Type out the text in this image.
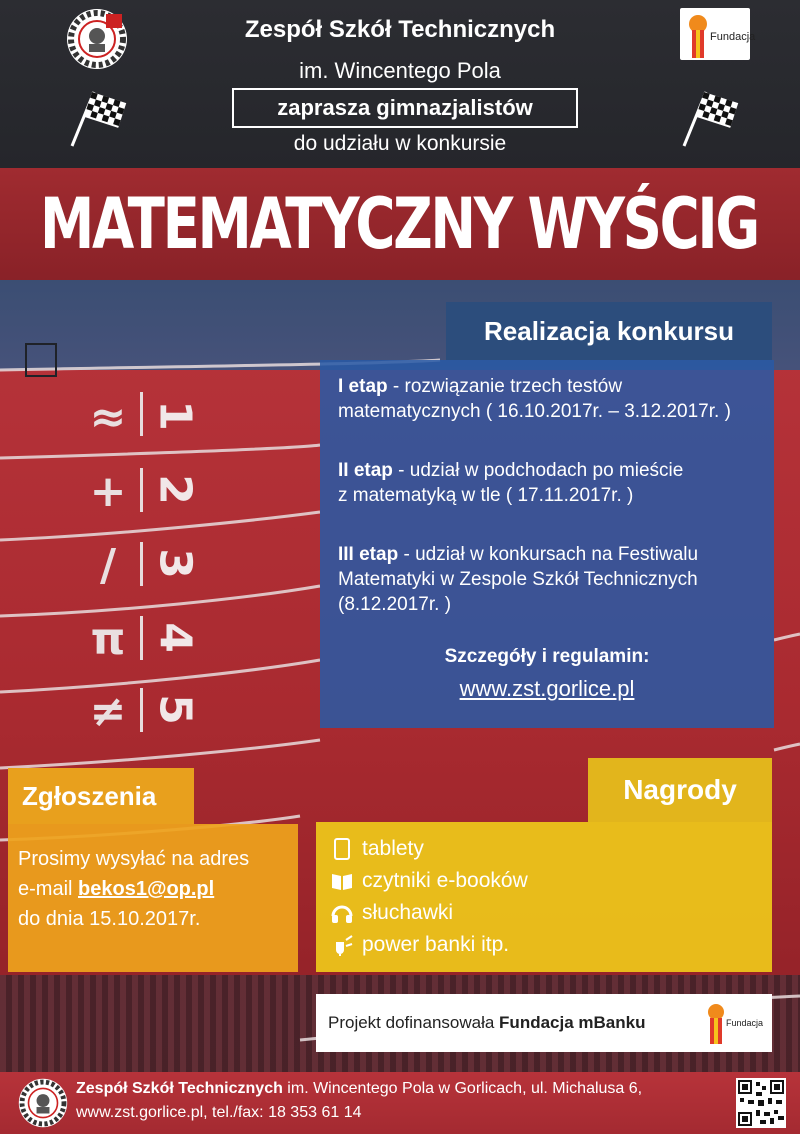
Fundacja
Zespół Szkół Technicznych
im. Wincentego Pola
zaprasza gimnazjalistów
do udziału w konkursie
MATEMATYCZNY WYŚCIG
≈
+
/
π
≠
1
2
3
4
5
Realizacja konkursu
I etap - rozwiązanie trzech testów
matematycznych ( 16.10.2017r. – 3.12.2017r. )
II etap - udział w podchodach po mieście
z matematyką w tle ( 17.11.2017r. )
III etap - udział w konkursach na Festiwalu
Matematyki w Zespole Szkół Technicznych
(8.12.2017r. )
Szczegóły i regulamin:
www.zst.gorlice.pl
Zgłoszenia
Prosimy wysyłać na adres
e-mail bekos1@op.pl
do dnia 15.10.2017r.
Nagrody
tablety
czytniki e-booków
słuchawki
power banki itp.
Projekt dofinansowała Fundacja mBanku	Fundacja
Zespół Szkół Technicznych im. Wincentego Pola w Gorlicach, ul. Michalusa 6,
www.zst.gorlice.pl, tel./fax: 18 353 61 14
